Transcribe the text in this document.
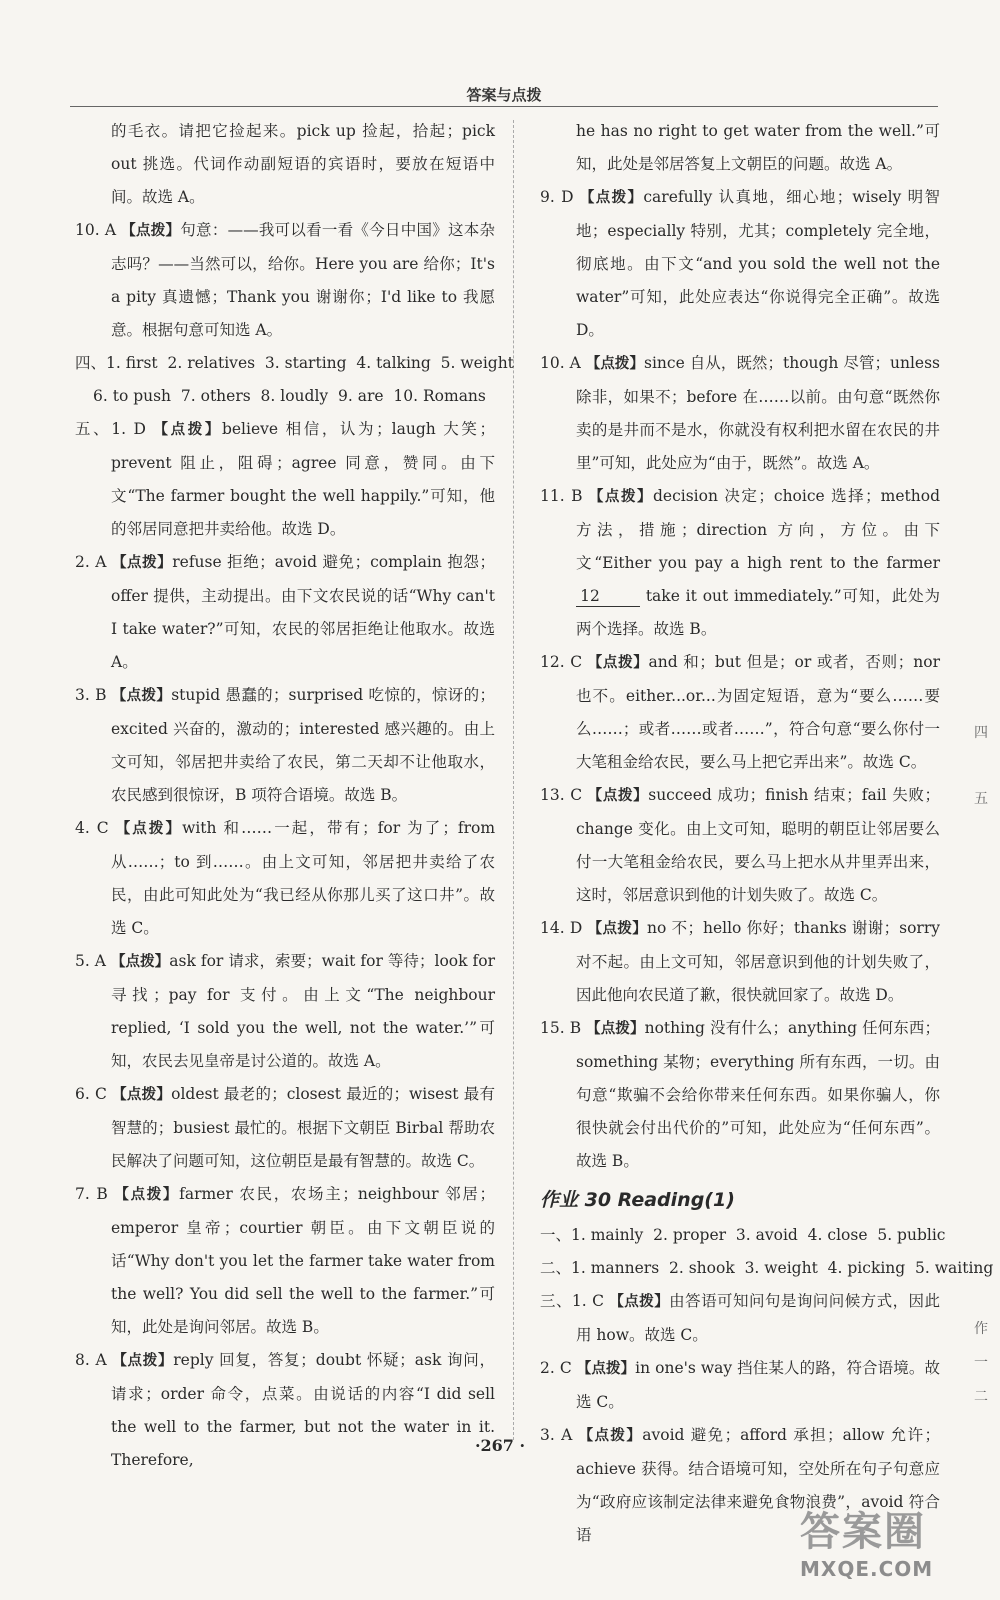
答案与点拨

的毛衣。请把它捡起来。pick up 捡起，拾起；pick out 挑选。代词作动副短语的宾语时，要放在短语中间。故选 A。

10. A 【点拨】句意：——我可以看一看《今日中国》这本杂志吗？——当然可以，给你。Here you are 给你；It's a pity 真遗憾；Thank you 谢谢你；I'd like to 我愿意。根据句意可知选 A。

四、1. first  2. relatives  3. starting  4. talking  5. weight

6. to push  7. others  8. loudly  9. are  10. Romans

五、1. D 【点拨】believe 相信，认为；laugh 大笑；prevent 阻止，阻碍；agree 同意，赞同。由下文“The farmer bought the well happily.”可知，他的邻居同意把井卖给他。故选 D。

2. A 【点拨】refuse 拒绝；avoid 避免；complain 抱怨；offer 提供，主动提出。由下文农民说的话“Why can't I take water?”可知，农民的邻居拒绝让他取水。故选 A。

3. B 【点拨】stupid 愚蠢的；surprised 吃惊的，惊讶的；excited 兴奋的，激动的；interested 感兴趣的。由上文可知，邻居把井卖给了农民，第二天却不让他取水，农民感到很惊讶，B 项符合语境。故选 B。

4. C 【点拨】with 和……一起，带有；for 为了；from 从……；to 到……。由上文可知，邻居把井卖给了农民，由此可知此处为“我已经从你那儿买了这口井”。故选 C。

5. A 【点拨】ask for 请求，索要；wait for 等待；look for 寻找；pay for 支付。由上文“The neighbour replied, ‘I sold you the well, not the water.’”可知，农民去见皇帝是讨公道的。故选 A。

6. C 【点拨】oldest 最老的；closest 最近的；wisest 最有智慧的；busiest 最忙的。根据下文朝臣 Birbal 帮助农民解决了问题可知，这位朝臣是最有智慧的。故选 C。

7. B 【点拨】farmer 农民，农场主；neighbour 邻居；emperor 皇帝；courtier 朝臣。由下文朝臣说的话“Why don't you let the farmer take water from the well? You did sell the well to the farmer.”可知，此处是询问邻居。故选 B。

8. A 【点拨】reply 回复，答复；doubt 怀疑；ask 询问，请求；order 命令，点菜。由说话的内容“I did sell the well to the farmer, but not the water in it. Therefore,

he has no right to get water from the well.”可知，此处是邻居答复上文朝臣的问题。故选 A。

9. D 【点拨】carefully 认真地，细心地；wisely 明智地；especially 特别，尤其；completely 完全地，彻底地。由下文“and you sold the well not the water”可知，此处应表达“你说得完全正确”。故选 D。

10. A 【点拨】since 自从，既然；though 尽管；unless 除非，如果不；before 在……以前。由句意“既然你卖的是井而不是水，你就没有权利把水留在农民的井里”可知，此处应为“由于，既然”。故选 A。

11. B 【点拨】decision 决定；choice 选择；method 方法，措施；direction 方向，方位。由下文“Either you pay a high rent to the farmer 12	take it out immediately.”可知，此处为两个选择。故选 B。

12. C 【点拨】and 和；but 但是；or 或者，否则；nor 也不。either...or...为固定短语，意为“要么……要么……；或者……或者……”，符合句意“要么你付一大笔租金给农民，要么马上把它弄出来”。故选 C。

13. C 【点拨】succeed 成功；finish 结束；fail 失败；change 变化。由上文可知，聪明的朝臣让邻居要么付一大笔租金给农民，要么马上把水从井里弄出来，这时，邻居意识到他的计划失败了。故选 C。

14. D 【点拨】no 不；hello 你好；thanks 谢谢；sorry 对不起。由上文可知，邻居意识到他的计划失败了，因此他向农民道了歉，很快就回家了。故选 D。

15. B 【点拨】nothing 没有什么；anything 任何东西；something 某物；everything 所有东西，一切。由句意“欺骗不会给你带来任何东西。如果你骗人，你很快就会付出代价的”可知，此处应为“任何东西”。故选 B。

作业 30 Reading(1)

一、1. mainly  2. proper  3. avoid  4. close  5. public

二、1. manners  2. shook  3. weight  4. picking  5. waiting

三、1. C 【点拨】由答语可知问句是询问问候方式，因此用 how。故选 C。

2. C 【点拨】in one's way 挡住某人的路，符合语境。故选 C。

3. A 【点拨】avoid 避免；afford 承担；allow 允许；achieve 获得。结合语境可知，空处所在句子句意应为“政府应该制定法律来避免食物浪费”，avoid 符合语

·267 ·
四
五
作
一
二
答案圈
MXQE.COM
